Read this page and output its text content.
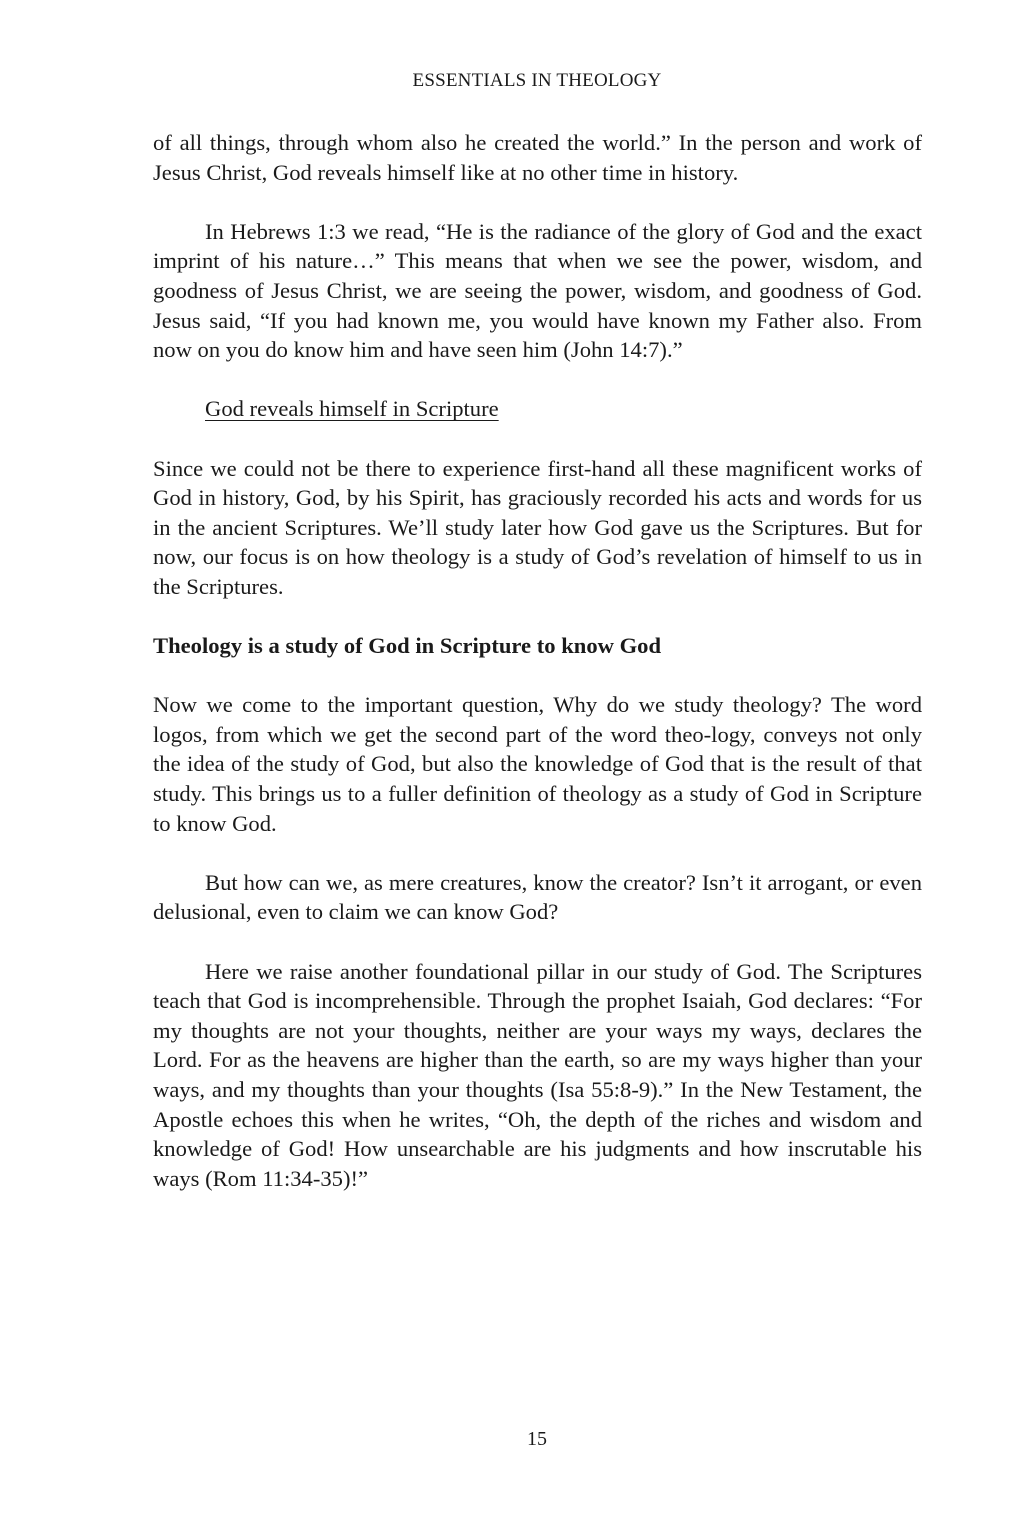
ESSENTIALS IN THEOLOGY

of all things, through whom also he created the world.” In the person and work of Jesus Christ, God reveals himself like at no other time in history.

In Hebrews 1:3 we read, “He is the radiance of the glory of God and the exact imprint of his nature…” This means that when we see the power, wisdom, and goodness of Jesus Christ, we are seeing the power, wisdom, and goodness of God. Jesus said, “If you had known me, you would have known my Father also. From now on you do know him and have seen him (John 14:7).”

God reveals himself in Scripture

Since we could not be there to experience first-hand all these magnificent works of God in history, God, by his Spirit, has graciously recorded his acts and words for us in the ancient Scriptures. We’ll study later how God gave us the Scriptures. But for now, our focus is on how theology is a study of God’s revelation of himself to us in the Scriptures.

Theology is a study of God in Scripture to know God

Now we come to the important question, Why do we study theology? The word logos, from which we get the second part of the word theo-logy, conveys not only the idea of the study of God, but also the knowledge of God that is the result of that study. This brings us to a fuller definition of theology as a study of God in Scripture to know God.

But how can we, as mere creatures, know the creator? Isn’t it arrogant, or even delusional, even to claim we can know God?

Here we raise another foundational pillar in our study of God. The Scriptures teach that God is incomprehensible. Through the prophet Isaiah, God declares: “For my thoughts are not your thoughts, neither are your ways my ways, declares the Lord. For as the heavens are higher than the earth, so are my ways higher than your ways, and my thoughts than your thoughts (Isa 55:8-9).” In the New Testament, the Apostle echoes this when he writes, “Oh, the depth of the riches and wisdom and knowledge of God! How unsearchable are his judgments and how inscrutable his ways (Rom 11:34-35)!”

15
